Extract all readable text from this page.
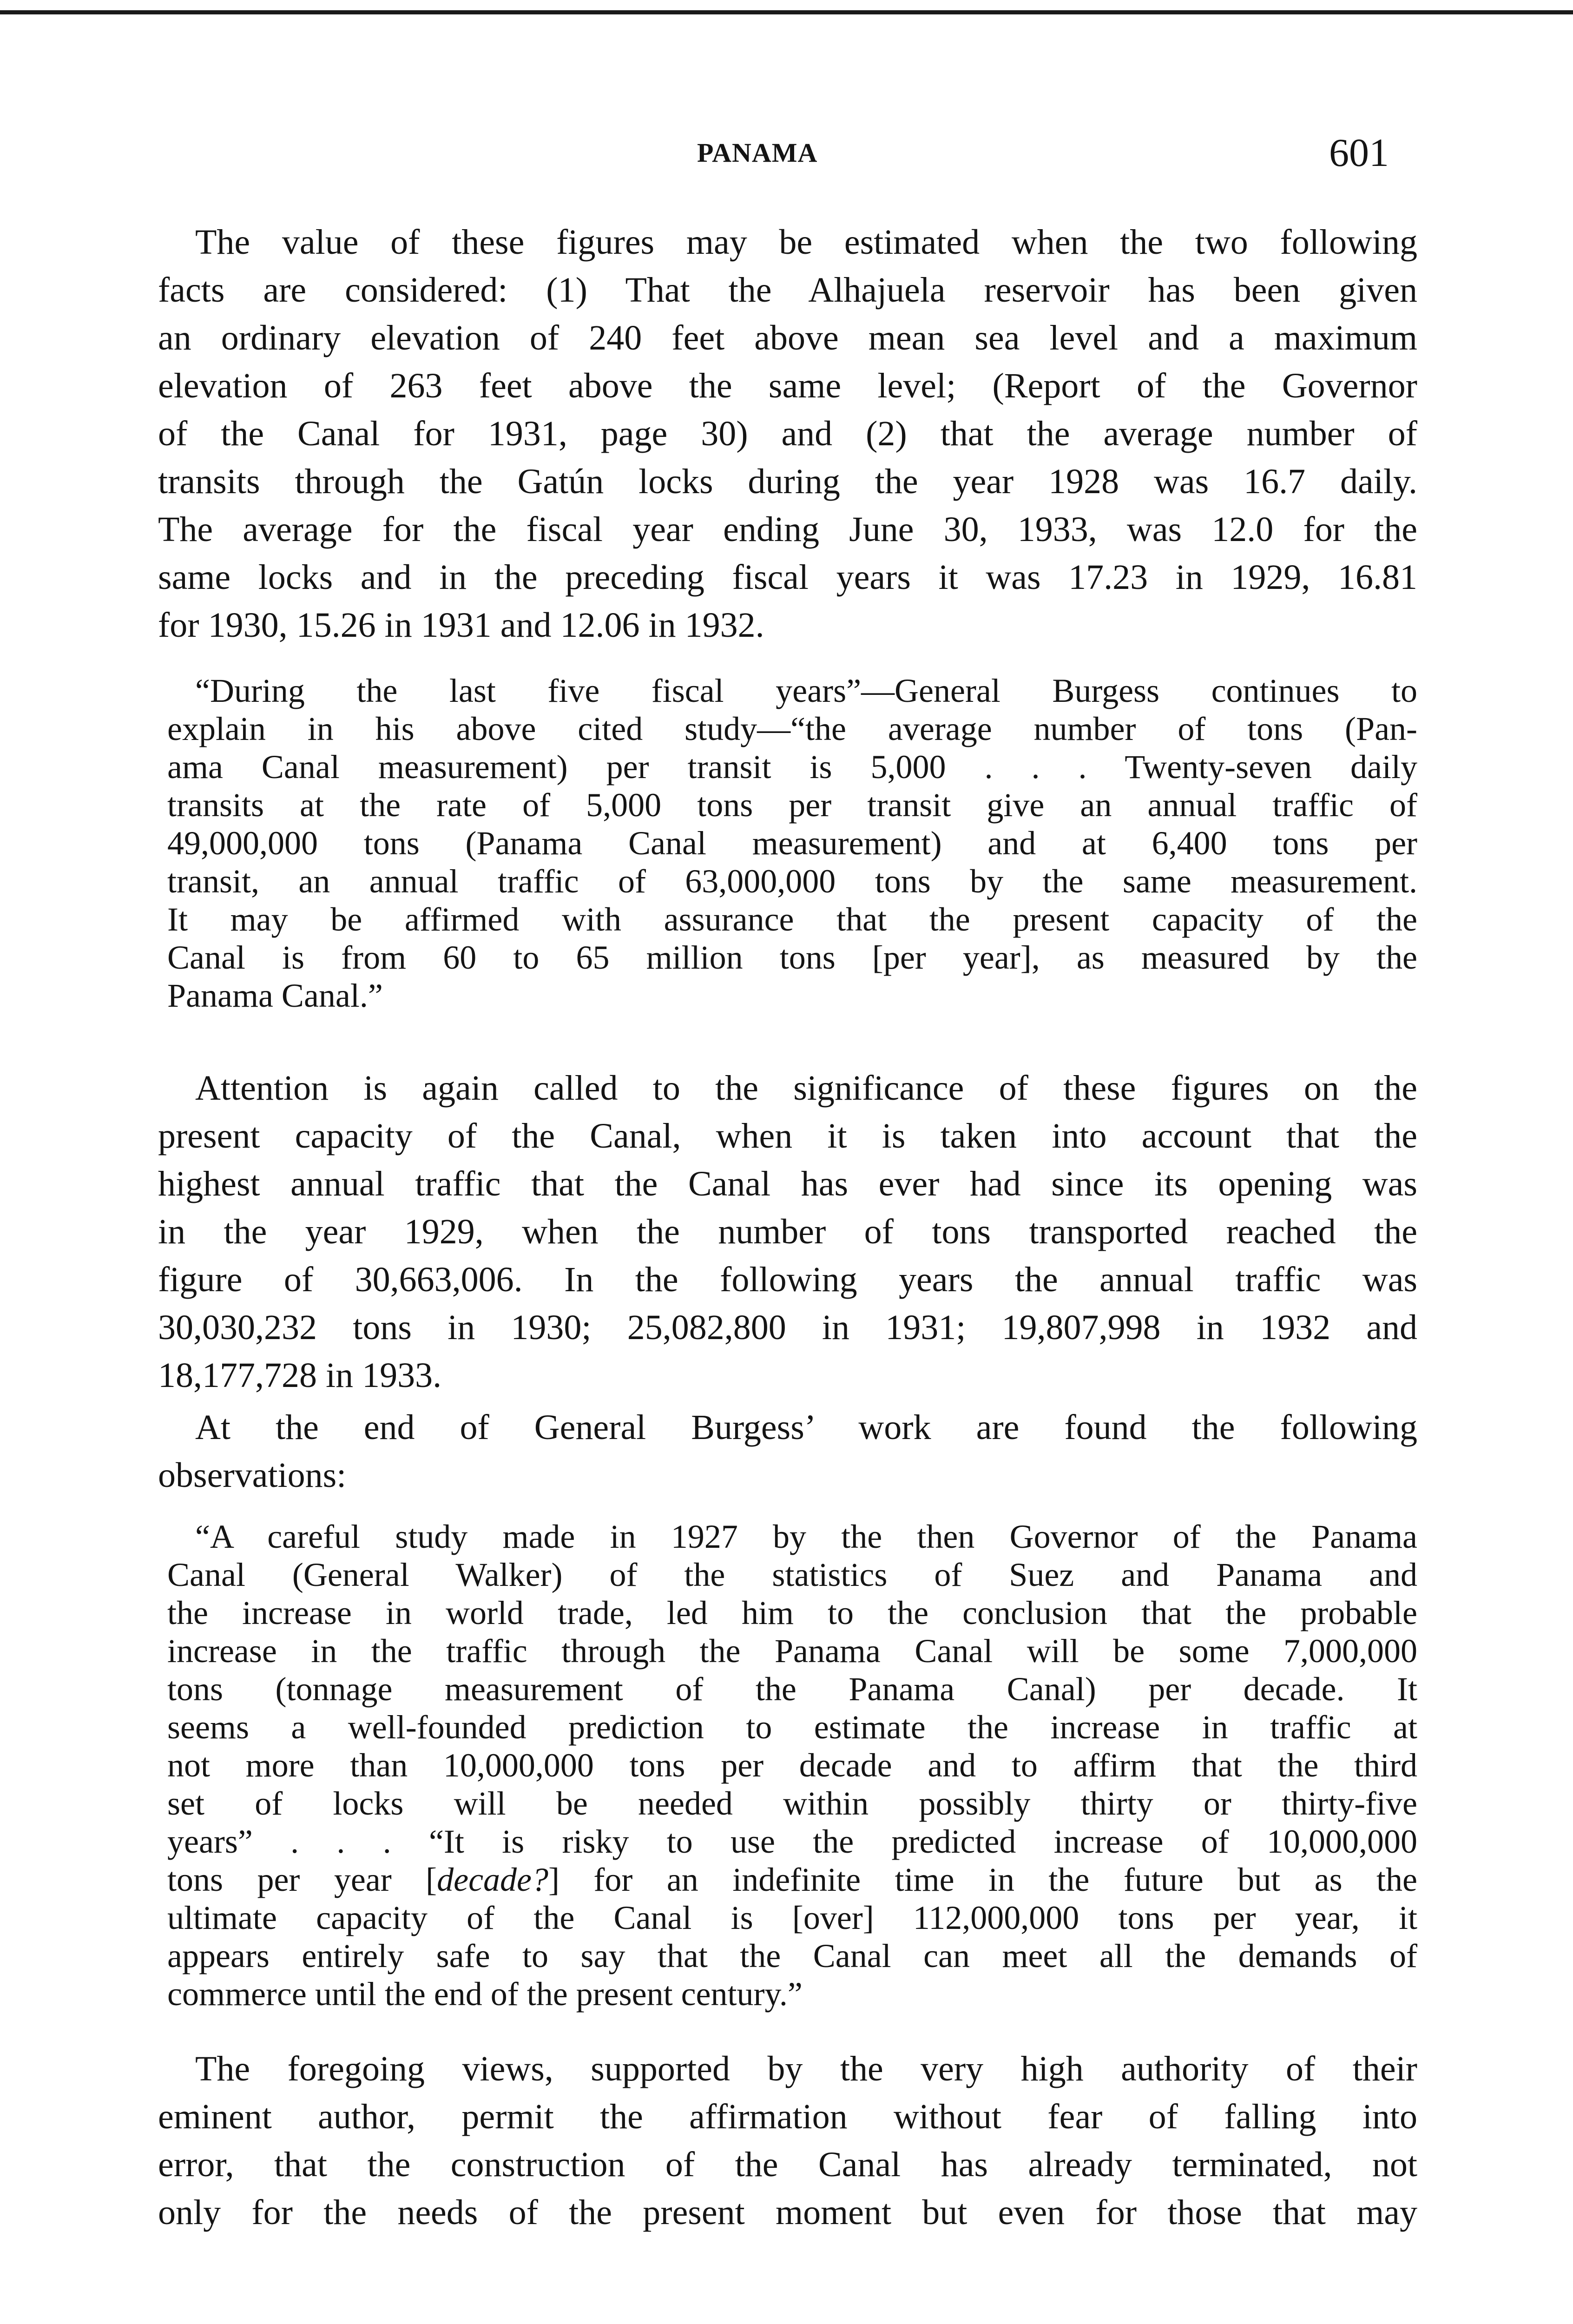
PANAMA	601
The value of these figures may be estimated when the two following
facts are considered: (1) That the Alhajuela reservoir has been given
an ordinary elevation of 240 feet above mean sea level and a maximum
elevation of 263 feet above the same level; (Report of the Governor
of the Canal for 1931, page 30) and (2) that the average number of
transits through the Gatún locks during the year 1928 was 16.7 daily.
The average for the fiscal year ending June 30, 1933, was 12.0 for the
same locks and in the preceding fiscal years it was 17.23 in 1929, 16.81
for 1930, 15.26 in 1931 and 12.06 in 1932.
“During the last five fiscal years”—General Burgess continues to
explain in his above cited study—“the average number of tons (Pan-
ama Canal measurement) per transit is 5,000 . . . Twenty-seven daily
transits at the rate of 5,000 tons per transit give an annual traffic of
49,000,000 tons (Panama Canal measurement) and at 6,400 tons per
transit, an annual traffic of 63,000,000 tons by the same measurement.
It may be affirmed with assurance that the present capacity of the
Canal is from 60 to 65 million tons [per year], as measured by the
Panama Canal.”
Attention is again called to the significance of these figures on the
present capacity of the Canal, when it is taken into account that the
highest annual traffic that the Canal has ever had since its opening was
in the year 1929, when the number of tons transported reached the
figure of 30,663,006. In the following years the annual traffic was
30,030,232 tons in 1930; 25,082,800 in 1931; 19,807,998 in 1932 and
18,177,728 in 1933.
At the end of General Burgess’ work are found the following
observations:
“A careful study made in 1927 by the then Governor of the Panama
Canal (General Walker) of the statistics of Suez and Panama and
the increase in world trade, led him to the conclusion that the probable
increase in the traffic through the Panama Canal will be some 7,000,000
tons (tonnage measurement of the Panama Canal) per decade. It
seems a well-founded prediction to estimate the increase in traffic at
not more than 10,000,000 tons per decade and to affirm that the third
set of locks will be needed within possibly thirty or thirty-five
years” . . . “It is risky to use the predicted increase of 10,000,000
tons per year [decade?] for an indefinite time in the future but as the
ultimate capacity of the Canal is [over] 112,000,000 tons per year, it
appears entirely safe to say that the Canal can meet all the demands of
commerce until the end of the present century.”
The foregoing views, supported by the very high authority of their
eminent author, permit the affirmation without fear of falling into
error, that the construction of the Canal has already terminated, not
only for the needs of the present moment but even for those that may
